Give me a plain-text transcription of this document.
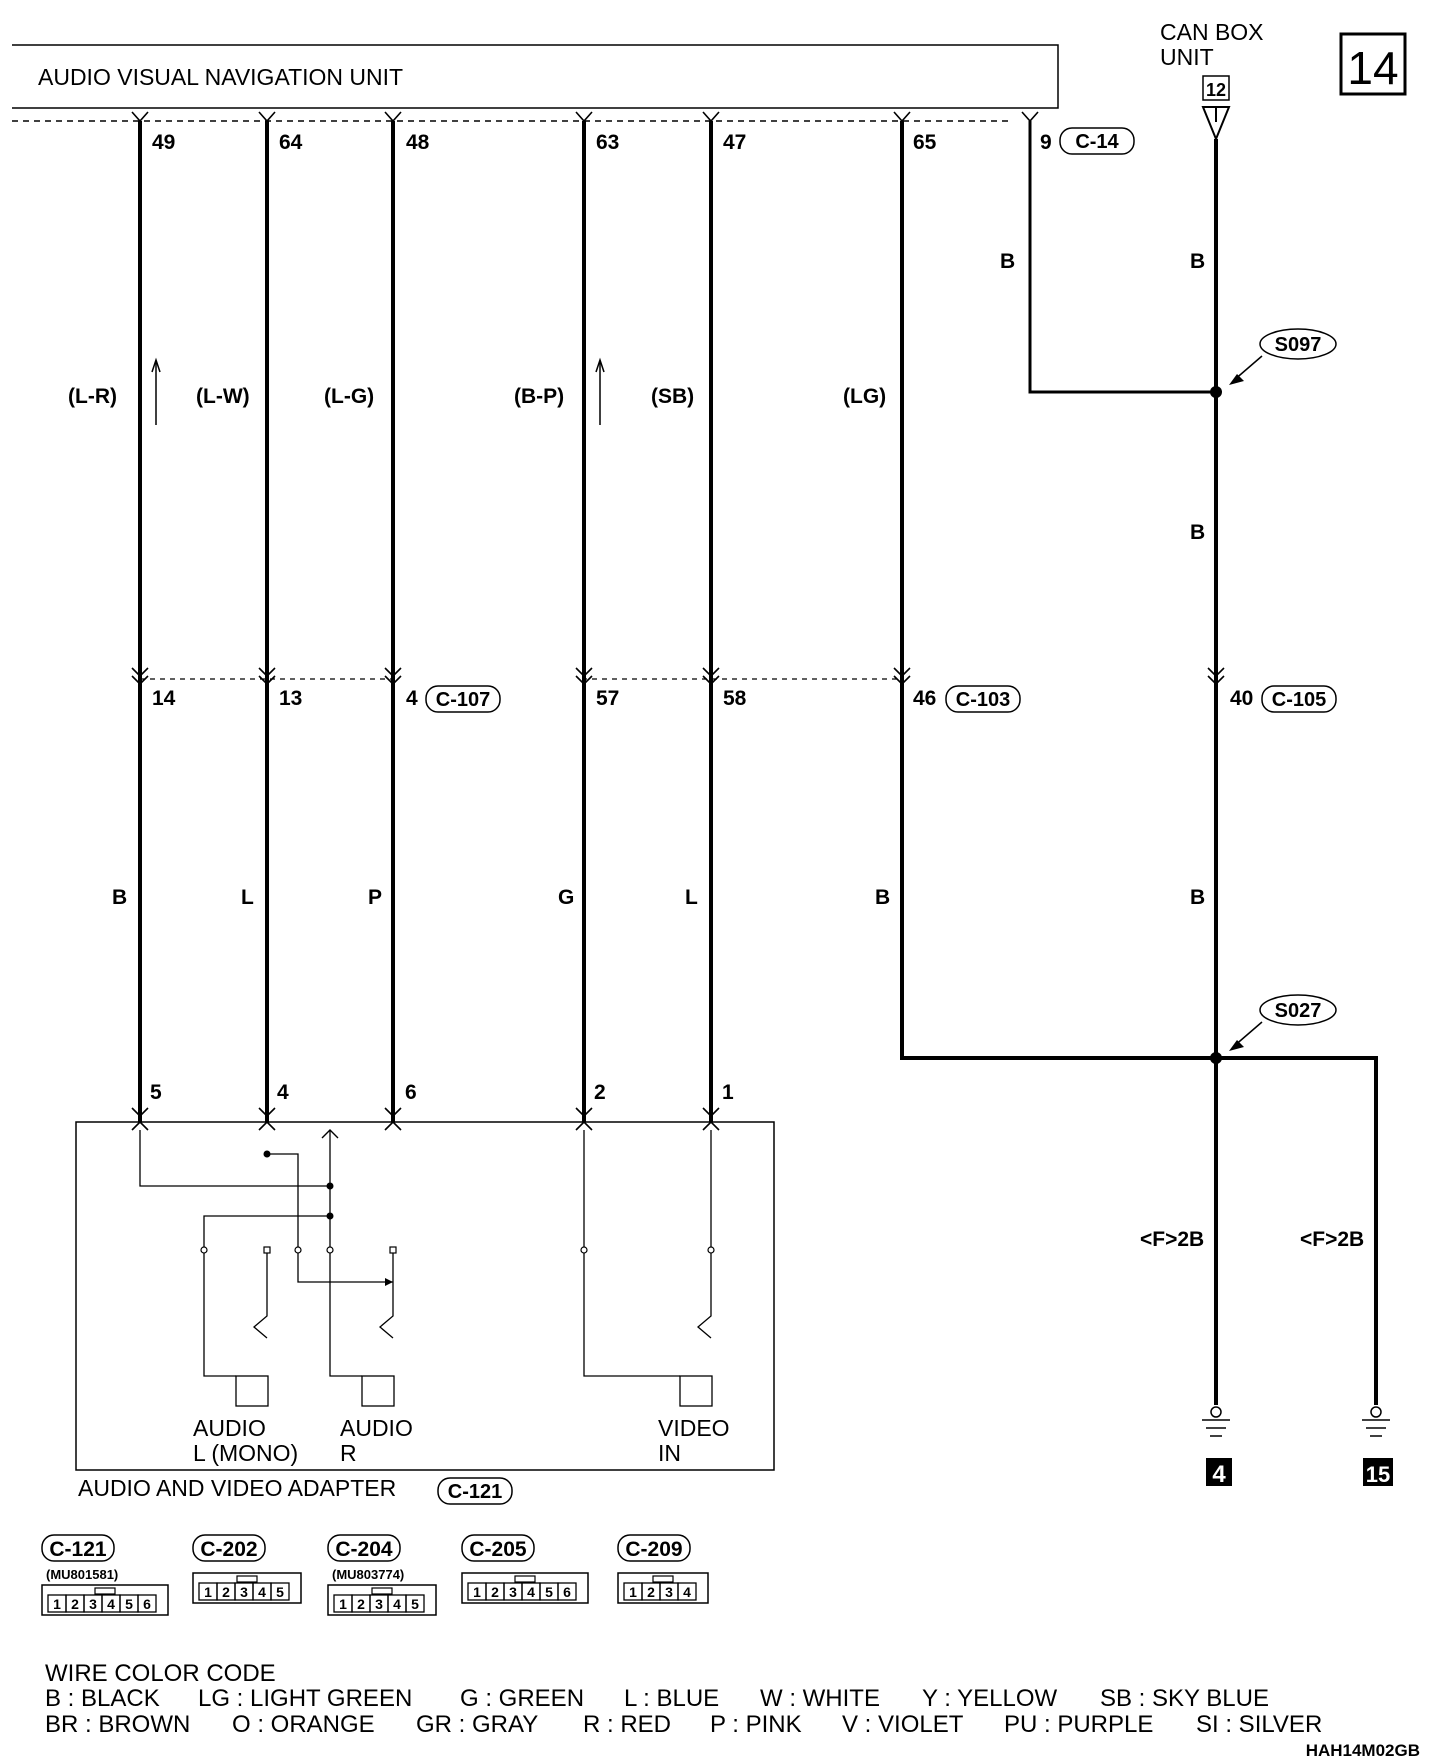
14
AUDIO VISUAL NAVIGATION UNIT
CAN BOX
UNIT
12
49
(L-R)
14
B
5
64
(L-W)
13
L
4
48
(L-G)
4
P
6
63
(B-P)
57
G
2
47
(SB)
58
L
1
65
(LG)
46
B
C-107	C-103	40 C-105
9 C-14
B	B
B
B
S097
S027
<F>2B	<F>2B
4	15
AUDIO
L (MONO)
AUDIO
R
VIDEO
IN
AUDIO AND VIDEO ADAPTER	C-121
C-121
(MU801581)
1 2 3 4 5 6
C-202
1 2 3 4 5
C-204
(MU803774)
1 2 3 4 5
C-205
1 2 3 4 5 6
C-209
1 2 3 4
WIRE COLOR CODE
B : BLACK LG : LIGHT GREEN G : GREEN L : BLUE W : WHITE Y : YELLOW SB : SKY BLUE
BR : BROWN O : ORANGE GR : GRAY R : RED P : PINK V : VIOLET PU : PURPLE SI : SILVER
HAH14M02GB
